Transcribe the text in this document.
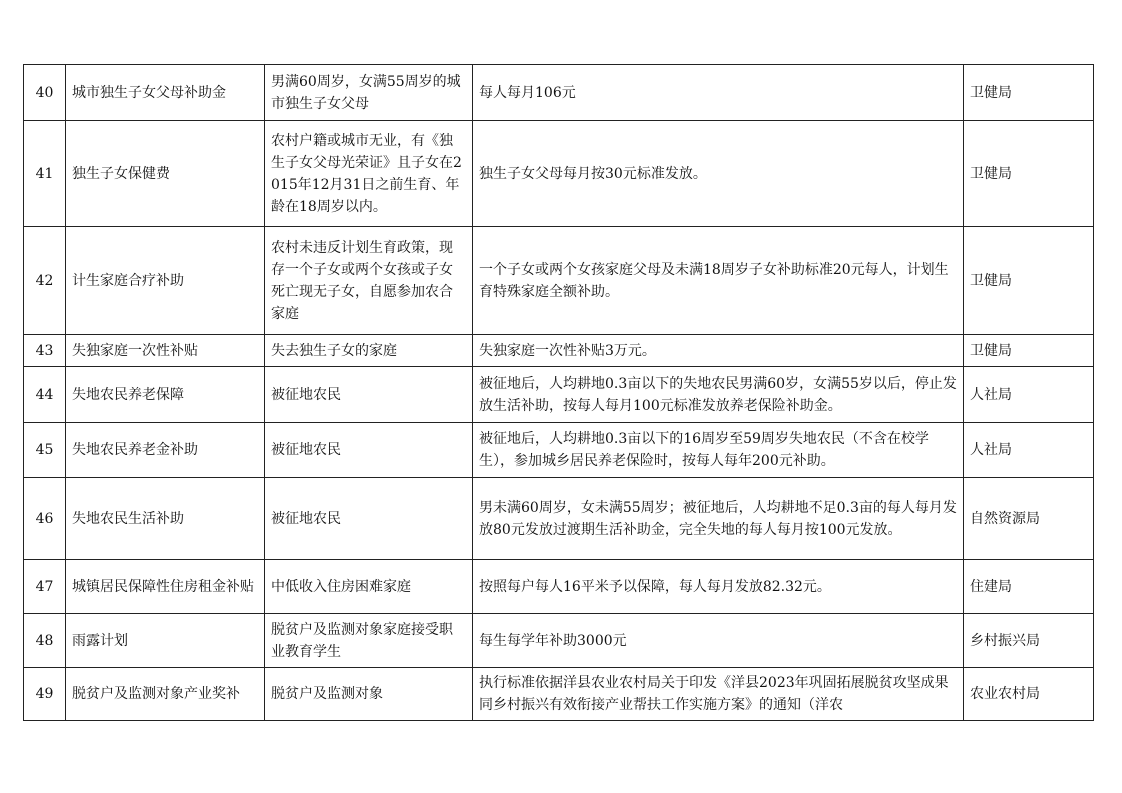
40	城市独生子女父母补助金	男满60周岁，女满55周岁的城市独生子女父母	每人每月106元	卫健局
41	独生子女保健费	农村户籍或城市无业，有《独生子女父母光荣证》且子女在2015年12月31日之前生育、年龄在18周岁以内。	独生子女父母每月按30元标准发放。	卫健局
42	计生家庭合疗补助	农村未违反计划生育政策，现存一个子女或两个女孩或子女死亡现无子女，自愿参加农合家庭	一个子女或两个女孩家庭父母及未满18周岁子女补助标准20元每人，计划生育特殊家庭全额补助。	卫健局
43	失独家庭一次性补贴	失去独生子女的家庭	失独家庭一次性补贴3万元。	卫健局
44	失地农民养老保障	被征地农民	被征地后，人均耕地0.3亩以下的失地农民男满60岁，女满55岁以后，停止发放生活补助，按每人每月100元标准发放养老保险补助金。	人社局
45	失地农民养老金补助	被征地农民	被征地后，人均耕地0.3亩以下的16周岁至59周岁失地农民（不含在校学生），参加城乡居民养老保险时，按每人每年200元补助。	人社局
46	失地农民生活补助	被征地农民	男未满60周岁，女未满55周岁；被征地后，人均耕地不足0.3亩的每人每月发放80元发放过渡期生活补助金，完全失地的每人每月按100元发放。	自然资源局
47	城镇居民保障性住房租金补贴	中低收入住房困难家庭	按照每户每人16平米予以保障，每人每月发放82.32元。	住建局
48	雨露计划	脱贫户及监测对象家庭接受职业教育学生	每生每学年补助3000元	乡村振兴局
49	脱贫户及监测对象产业奖补	脱贫户及监测对象	执行标准依据洋县农业农村局关于印发《洋县2023年巩固拓展脱贫攻坚成果同乡村振兴有效衔接产业帮扶工作实施方案》的通知（洋农	农业农村局
